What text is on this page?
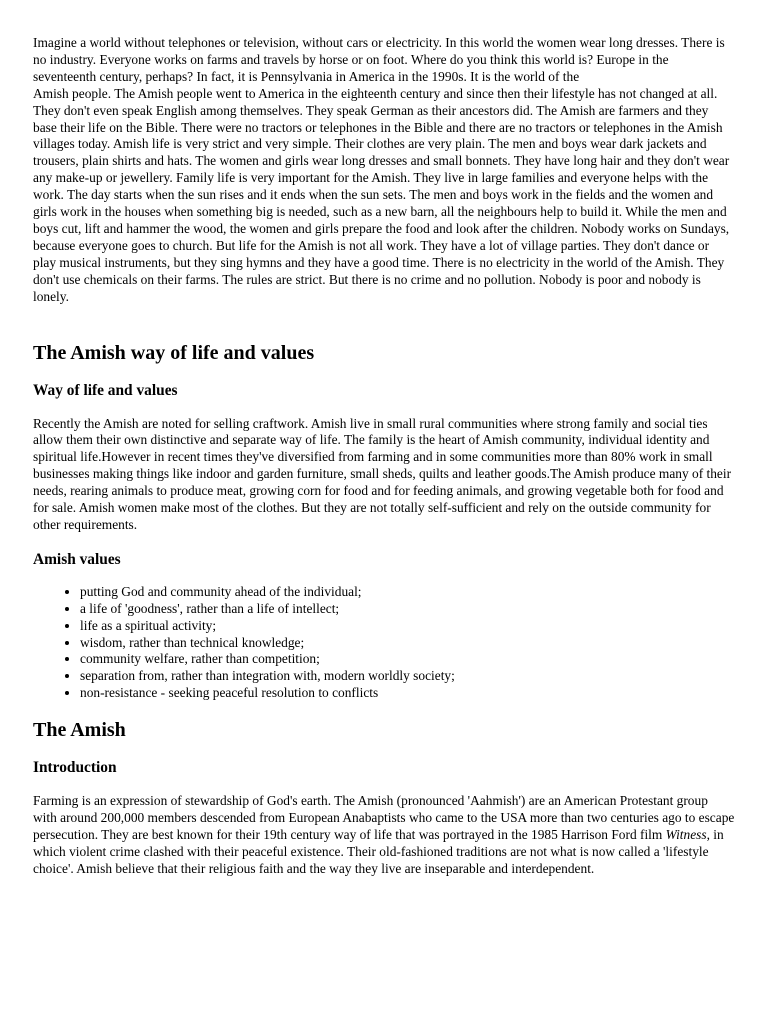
Imagine a world without telephones or television, without cars or electricity. In this world the women wear long dresses. There is no industry. Everyone works on farms and travels by horse or on foot. Where do you think this world is? Europe in the seventeenth century, perhaps? In fact, it is Pennsylvania in America in the 1990s. It is the world of the
Amish people. The Amish people went to America in the eighteenth century and since then their lifestyle has not changed at all. They don't even speak English among themselves. They speak German as their ancestors did. The Amish are farmers and they base their life on the Bible. There were no tractors or telephones in the Bible and there are no tractors or telephones in the Amish villages today. Amish life is very strict and very simple. Their clothes are very plain. The men and boys wear dark jackets and trousers, plain shirts and hats. The women and girls wear long dresses and small bonnets. They have long hair and they don't wear any make-up or jewellery. Family life is very important for the Amish. They live in large families and everyone helps with the work. The day starts when the sun rises and it ends when the sun sets. The men and boys work in the fields and the women and girls work in the houses when something big is needed, such as a new barn, all the neighbours help to build it. While the men and boys cut, lift and hammer the wood, the women and girls prepare the food and look after the children. Nobody works on Sundays, because everyone goes to church. But life for the Amish is not all work. They have a lot of village parties. They don't dance or play musical instruments, but they sing hymns and they have a good time. There is no electricity in the world of the Amish. They don't use chemicals on their farms. The rules are strict. But there is no crime and no pollution. Nobody is poor and nobody is lonely.

The Amish way of life and values
Way of life and values

Recently the Amish are noted for selling craftwork. Amish live in small rural communities where strong family and social ties allow them their own distinctive and separate way of life. The family is the heart of Amish community, individual identity and spiritual life.However in recent times they've diversified from farming and in some communities more than 80% work in small businesses making things like indoor and garden furniture, small sheds, quilts and leather goods.The Amish produce many of their needs, rearing animals to produce meat, growing corn for food and for feeding animals, and growing vegetable both for food and for sale. Amish women make most of the clothes. But they are not totally self-sufficient and rely on the outside community for other requirements.

Amish values
• putting God and community ahead of the individual;
• a life of 'goodness', rather than a life of intellect;
• life as a spiritual activity;
• wisdom, rather than technical knowledge;
• community welfare, rather than competition;
• separation from, rather than integration with, modern worldly society;
• non-resistance - seeking peaceful resolution to conflicts
The Amish
Introduction

Farming is an expression of stewardship of God's earth. The Amish (pronounced 'Aahmish') are an American Protestant group with around 200,000 members descended from European Anabaptists who came to the USA more than two centuries ago to escape persecution. They are best known for their 19th century way of life that was portrayed in the 1985 Harrison Ford film Witness, in which violent crime clashed with their peaceful existence. Their old-fashioned traditions are not what is now called a 'lifestyle choice'. Amish believe that their religious faith and the way they live are inseparable and interdependent.
